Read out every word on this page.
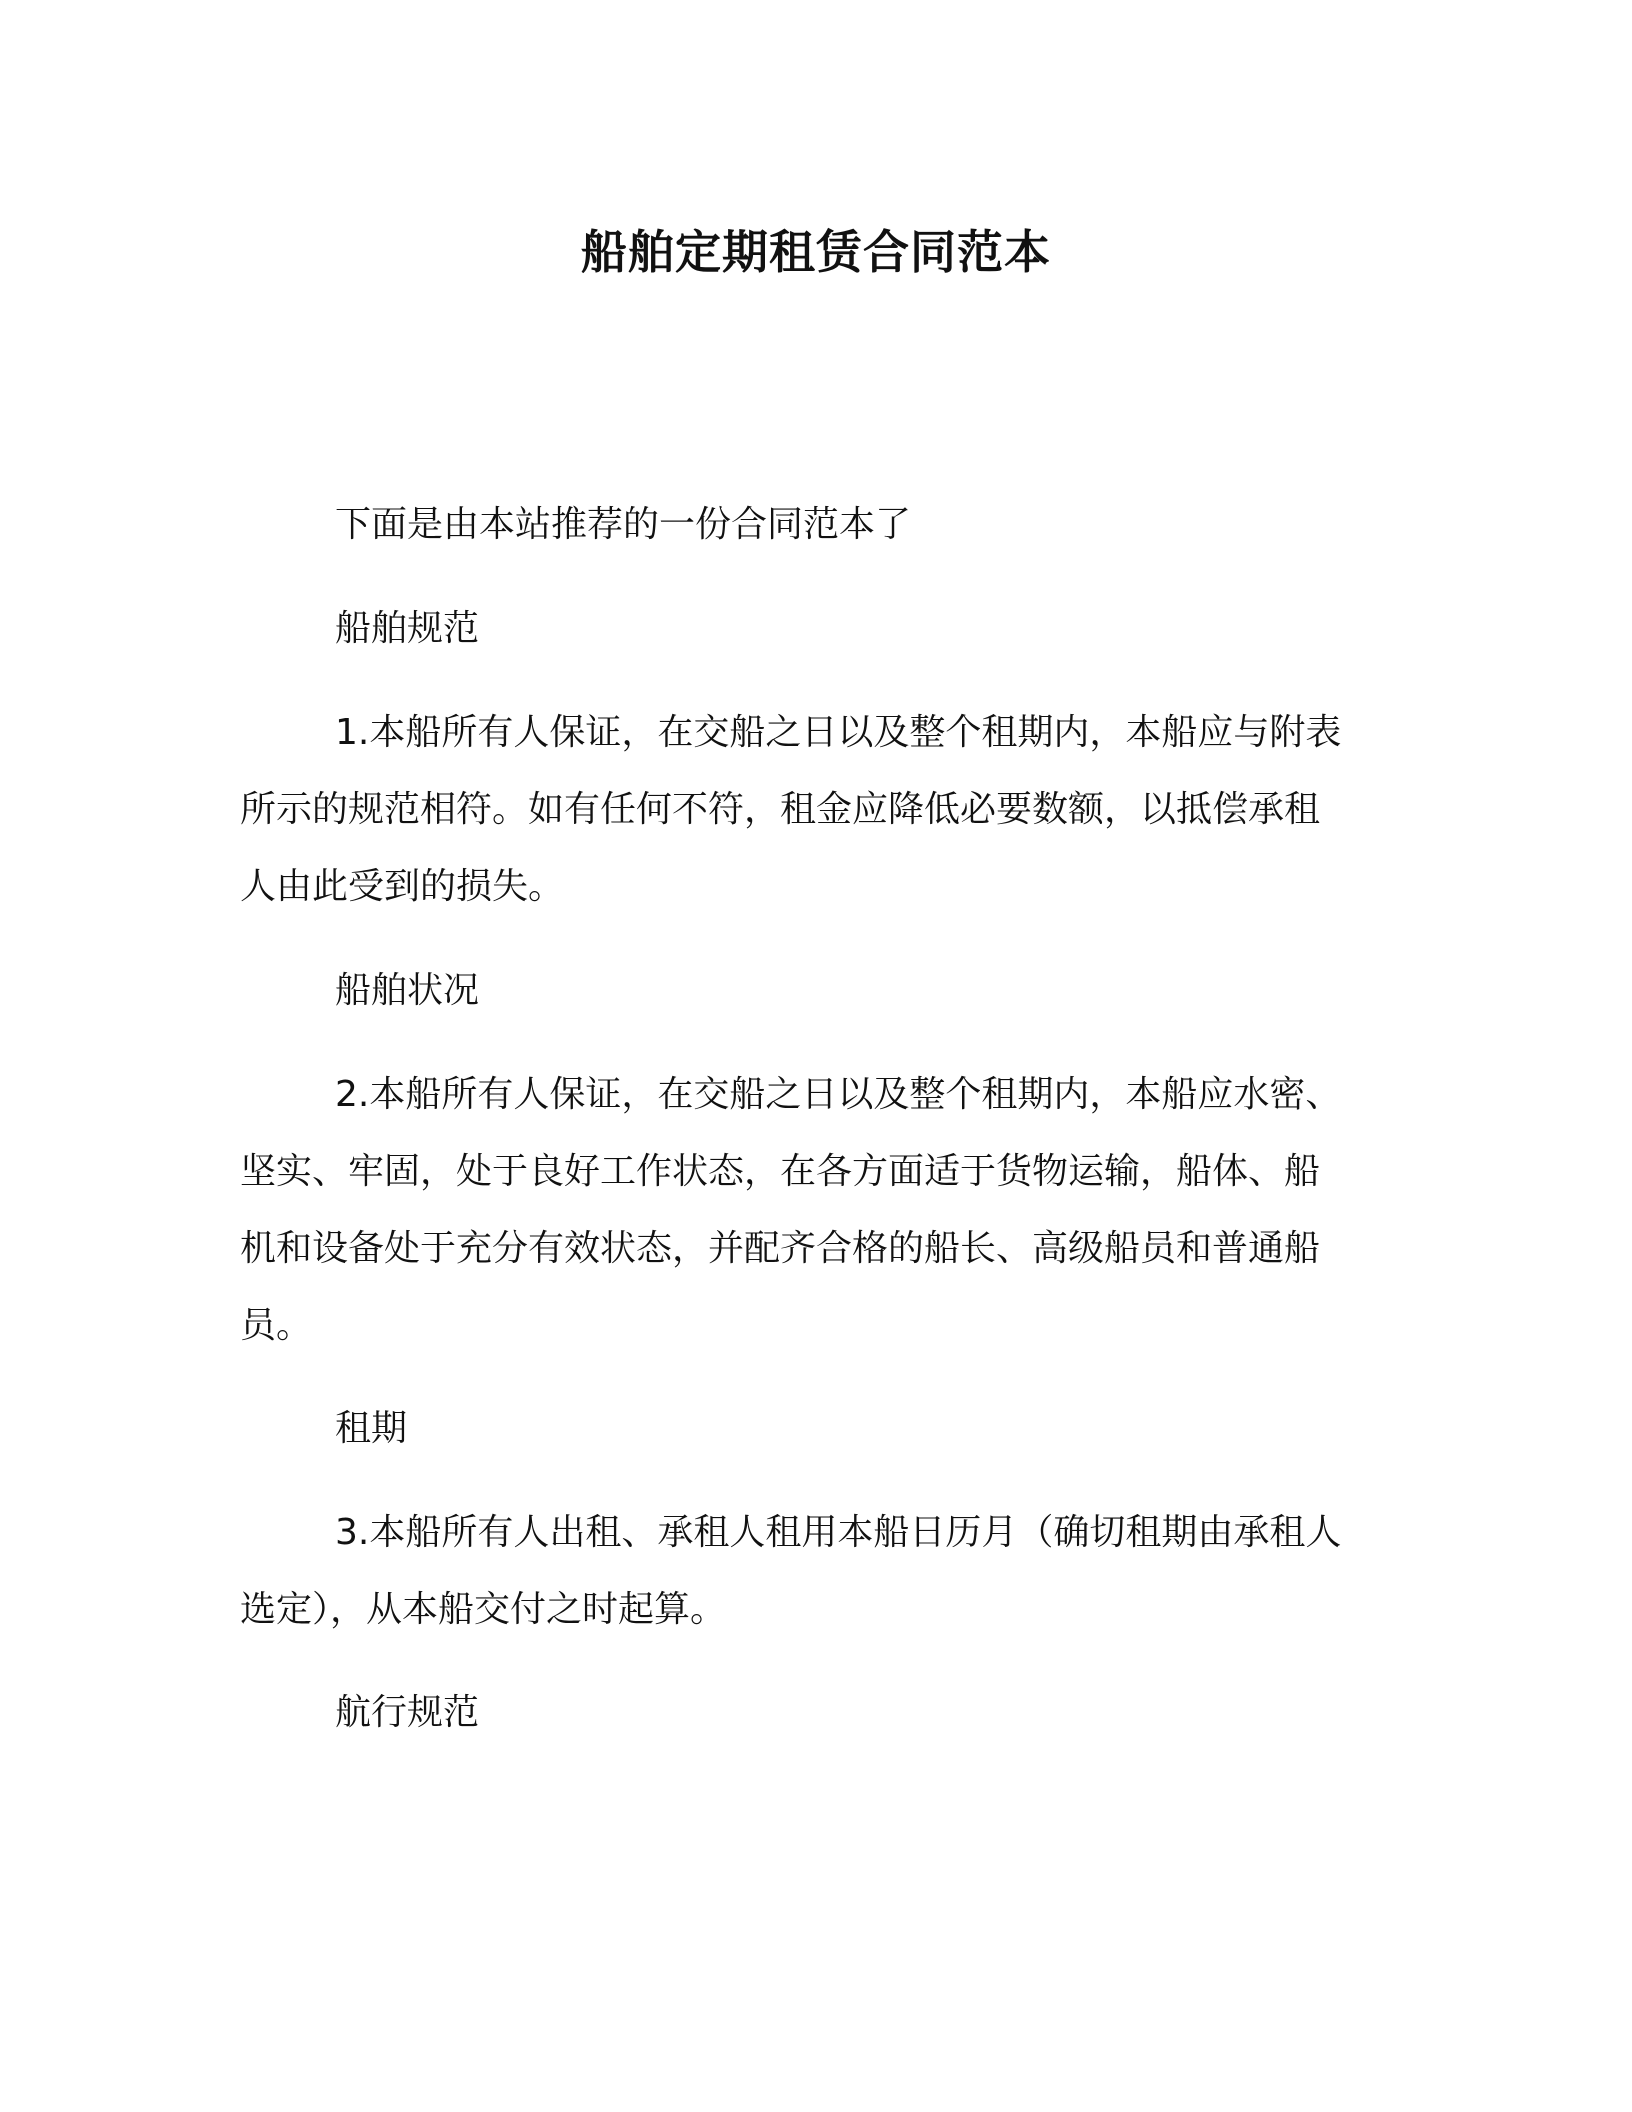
船舶定期租赁合同范本

下面是由本站推荐的一份合同范本了

船舶规范

1.本船所有人保证，在交船之日以及整个租期内，本船应与附表
所示的规范相符。如有任何不符，租金应降低必要数额，以抵偿承租
人由此受到的损失。

船舶状况

2.本船所有人保证，在交船之日以及整个租期内，本船应水密、
坚实、牢固，处于良好工作状态，在各方面适于货物运输，船体、船
机和设备处于充分有效状态，并配齐合格的船长、高级船员和普通船
员。

租期

3.本船所有人出租、承租人租用本船日历月（确切租期由承租人
选定），从本船交付之时起算。

航行规范
